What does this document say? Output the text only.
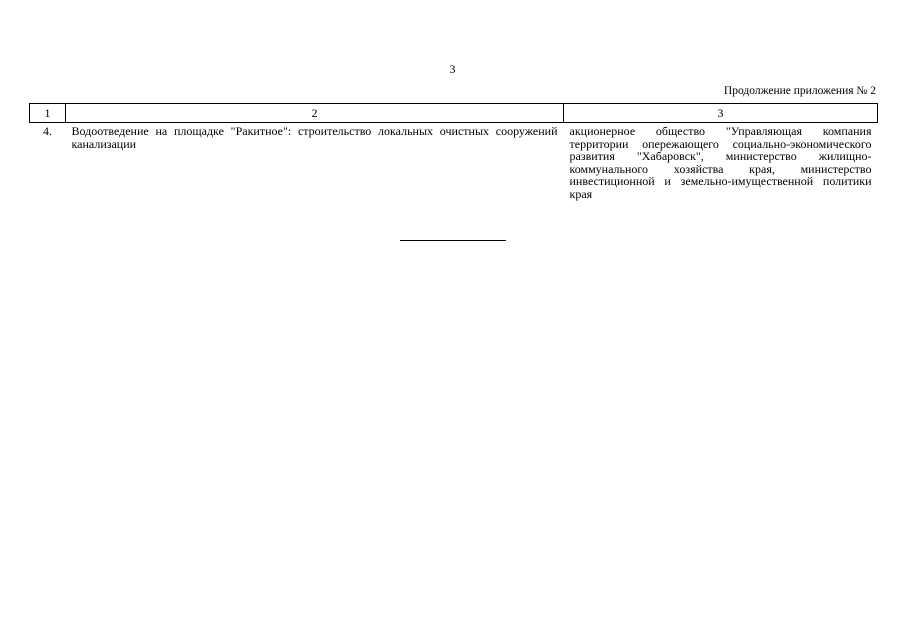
3
Продолжение приложения № 2
1	2	3
4.	Водоотведение на площадке "Ракитное": строительство локальных очистных сооружений канализации	акционерное общество "Управляющая компания территории опережающего социально-экономического развития "Хабаровск", министерство жилищно-коммунального хозяйства края, министерство инвестиционной и земельно-имущественной политики края
